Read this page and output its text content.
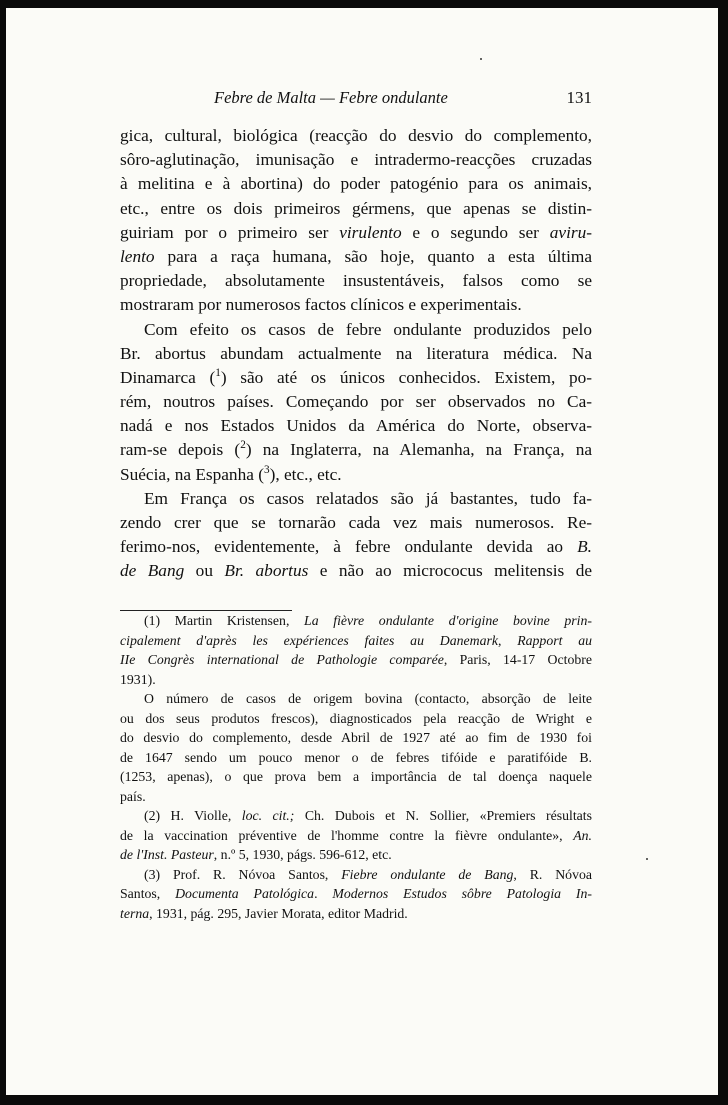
Febre de Malta — Febre ondulante	131
gica, cultural, biológica (reacção do desvio do complemento,
sôro-aglutinação, imunisação e intradermo-reacções cruzadas
à melitina e à abortina) do poder patogénio para os animais,
etc., entre os dois primeiros gérmens, que apenas se distin-
guiriam por o primeiro ser virulento e o segundo ser aviru-
lento para a raça humana, são hoje, quanto a esta última
propriedade, absolutamente insustentáveis, falsos como se
mostraram por numerosos factos clínicos e experimentais.
Com efeito os casos de febre ondulante produzidos pelo
Br. abortus abundam actualmente na literatura médica. Na
Dinamarca ($^1$) são até os únicos conhecidos. Existem, po-
rém, noutros países. Começando por ser observados no Ca-
nadá e nos Estados Unidos da América do Norte, observa-
ram-se depois ($^2$) na Inglaterra, na Alemanha, na França, na
Suécia, na Espanha ($^3$), etc., etc.
Em França os casos relatados são já bastantes, tudo fa-
zendo crer que se tornarão cada vez mais numerosos. Re-
ferimo-nos, evidentemente, à febre ondulante devida ao B.
de Bang ou Br. abortus e não ao micrococus melitensis de
(1) Martin Kristensen, La fièvre ondulante d'origine bovine prin-
cipalement d'après les expériences faites au Danemark, Rapport au
IIe Congrès international de Pathologie comparée, Paris, 14-17 Octobre
1931).
O número de casos de origem bovina (contacto, absorção de leite
ou dos seus produtos frescos), diagnosticados pela reacção de Wright e
do desvio do complemento, desde Abril de 1927 até ao fim de 1930 foi
de 1647 sendo um pouco menor o de febres tifóide e paratifóide B.
(1253, apenas), o que prova bem a importância de tal doença naquele
país.
(2) H. Violle, loc. cit.; Ch. Dubois et N. Sollier, «Premiers résultats
de la vaccination préventive de l'homme contre la fièvre ondulante», An.
de l'Inst. Pasteur, n.º 5, 1930, págs. 596-612, etc.
(3) Prof. R. Nóvoa Santos, Fiebre ondulante de Bang, R. Nóvoa
Santos, Documenta Patológica. Modernos Estudos sôbre Patologia In-
terna, 1931, pág. 295, Javier Morata, editor Madrid.
